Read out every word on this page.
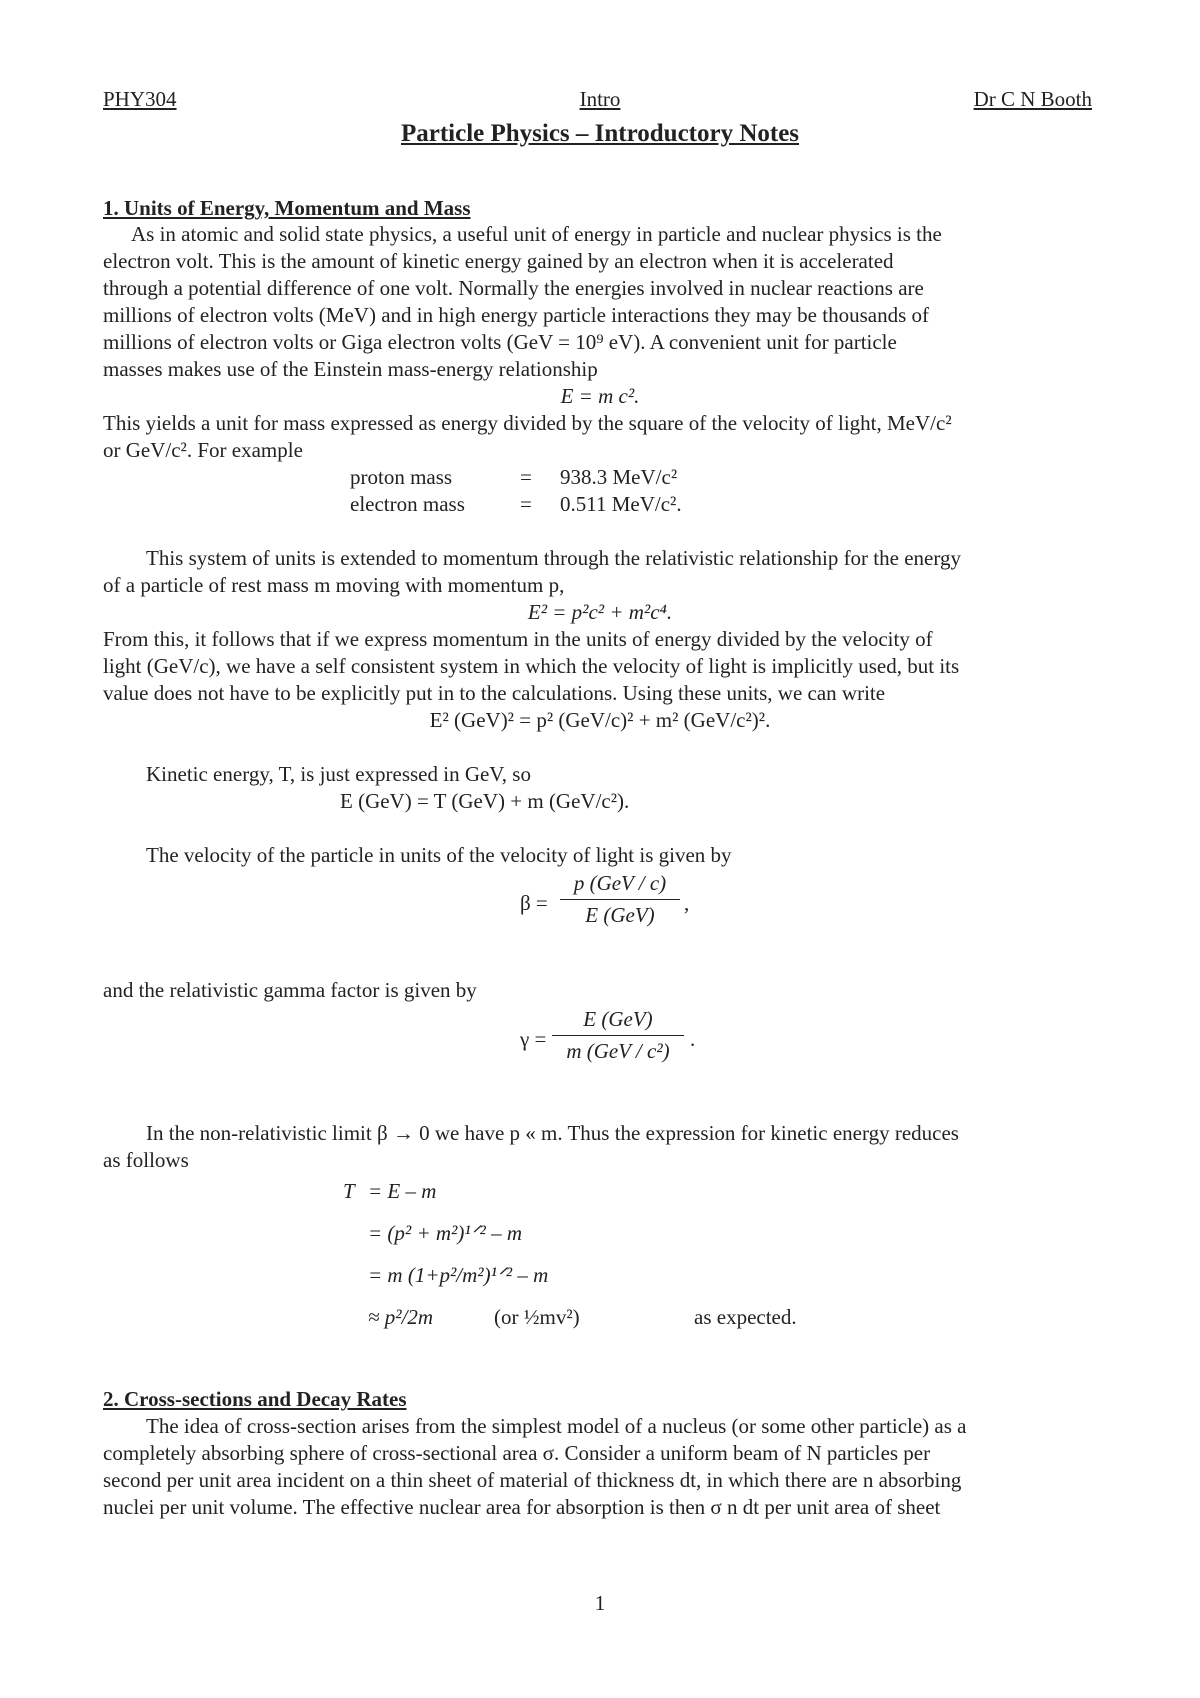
PHY304	Intro	Dr C N Booth
Particle Physics – Introductory Notes
1. Units of Energy, Momentum and Mass
As in atomic and solid state physics, a useful unit of energy in particle and nuclear physics is the
electron volt. This is the amount of kinetic energy gained by an electron when it is accelerated
through a potential difference of one volt. Normally the energies involved in nuclear reactions are
millions of electron volts (MeV) and in high energy particle interactions they may be thousands of
millions of electron volts or Giga electron volts (GeV = 10⁹ eV). A convenient unit for particle
masses makes use of the Einstein mass-energy relationship
E = m c².
This yields a unit for mass expressed as energy divided by the square of the velocity of light, MeV/c²
or GeV/c². For example
proton mass	= 938.3 MeV/c²
electron mass	= 0.511 MeV/c².
This system of units is extended to momentum through the relativistic relationship for the energy
of a particle of rest mass m moving with momentum p,
E² = p²c² + m²c⁴.
From this, it follows that if we express momentum in the units of energy divided by the velocity of
light (GeV/c), we have a self consistent system in which the velocity of light is implicitly used, but its
value does not have to be explicitly put in to the calculations. Using these units, we can write
E² (GeV)² = p² (GeV/c)² + m² (GeV/c²)².
Kinetic energy, T, is just expressed in GeV, so
E (GeV) = T (GeV) + m (GeV/c²).
The velocity of the particle in units of the velocity of light is given by
β =
p (GeV / c)
E (GeV)	,
and the relativistic gamma factor is given by
γ =
E (GeV)
m (GeV / c²) .
In the non-relativistic limit β → 0 we have p « m. Thus the expression for kinetic energy reduces
as follows
T = E – m
= (p² + m²)¹ᐟ² – m
= m (1+p²/m²)¹ᐟ² – m
≈ p²/2m	(or ½mv²)	as expected.
2. Cross-sections and Decay Rates
The idea of cross-section arises from the simplest model of a nucleus (or some other particle) as a
completely absorbing sphere of cross-sectional area σ. Consider a uniform beam of N particles per
second per unit area incident on a thin sheet of material of thickness dt, in which there are n absorbing
nuclei per unit volume. The effective nuclear area for absorption is then σ n dt per unit area of sheet
1
